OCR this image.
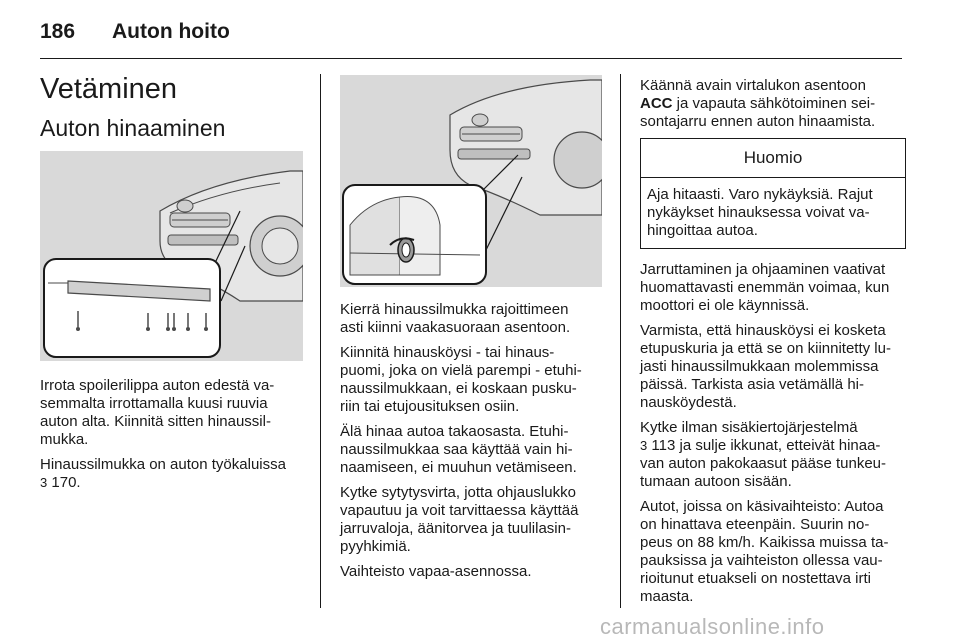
186 Auton hoito
Vetäminen
Auton hinaaminen

Irrota spoilerilippa auton edestä va-
semmalta irrottamalla kuusi ruuvia
auton alta. Kiinnitä sitten hinaussil-
mukka.

Hinaussilmukka on auton työkaluissa
3 170.

Kierrä hinaussilmukka rajoittimeen
asti kiinni vaakasuoraan asentoon.

Kiinnitä hinausköysi - tai hinaus-
puomi, joka on vielä parempi - etuhi-
naussilmukkaan, ei koskaan pusku-
riin tai etujousituksen osiin.

Älä hinaa autoa takaosasta. Etuhi-
naussilmukkaa saa käyttää vain hi-
naamiseen, ei muuhun vetämiseen.

Kytke sytytysvirta, jotta ohjauslukko
vapautuu ja voit tarvittaessa käyttää
jarruvaloja, äänitorvea ja tuulilasin-
pyyhkimiä.

Vaihteisto vapaa-asennossa.

Käännä avain virtalukon asentoon
ACC ja vapauta sähkötoiminen sei-
sontajarru ennen auton hinaamista.

Huomio
Aja hitaasti. Varo nykäyksiä. Rajut
nykäykset hinauksessa voivat va-
hingoittaa autoa.

Jarruttaminen ja ohjaaminen vaativat
huomattavasti enemmän voimaa, kun
moottori ei ole käynnissä.

Varmista, että hinausköysi ei kosketa
etupuskuria ja että se on kiinnitetty lu-
jasti hinaussilmukkaan molemmissa
päissä. Tarkista asia vetämällä hi-
nausköydestä.

Kytke ilman sisäkiertojärjestelmä
3 113 ja sulje ikkunat, etteivät hinaa-
van auton pakokaasut pääse tunkeu-
tumaan autoon sisään.

Autot, joissa on käsivaihteisto: Autoa
on hinattava eteenpäin. Suurin no-
peus on 88 km/h. Kaikissa muissa ta-
pauksissa ja vaihteiston ollessa vau-
rioitunut etuakseli on nostettava irti
maasta.

carmanualsonline.info
